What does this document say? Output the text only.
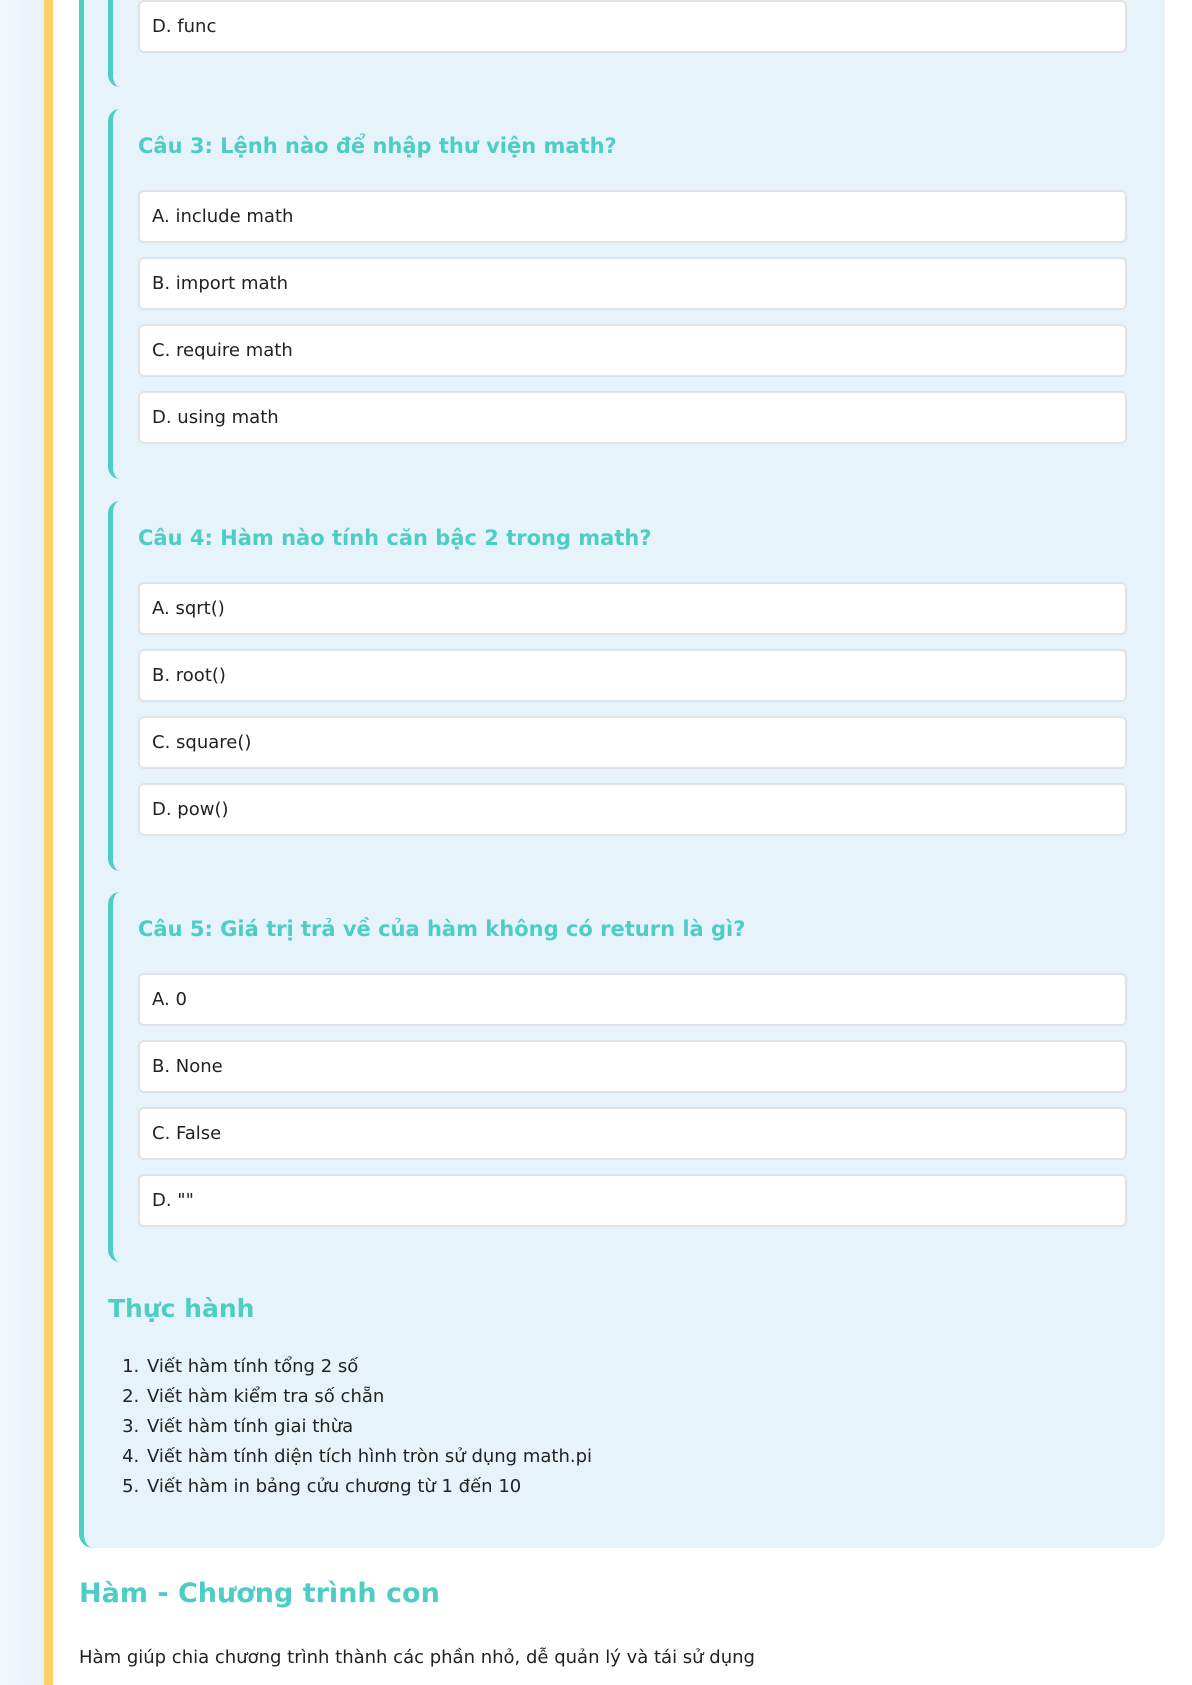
D. func
Câu 3: Lệnh nào để nhập thư viện math?
A. include math
B. import math
C. require math
D. using math
Câu 4: Hàm nào tính căn bậc 2 trong math?
A. sqrt()
B. root()
C. square()
D. pow()
Câu 5: Giá trị trả về của hàm không có return là gì?
A. 0
B. None
C. False
D. ""
Thực hành
1. Viết hàm tính tổng 2 số
2. Viết hàm kiểm tra số chẵn
3. Viết hàm tính giai thừa
4. Viết hàm tính diện tích hình tròn sử dụng math.pi
5. Viết hàm in bảng cửu chương từ 1 đến 10
Hàm - Chương trình con
Hàm giúp chia chương trình thành các phần nhỏ, dễ quản lý và tái sử dụng
